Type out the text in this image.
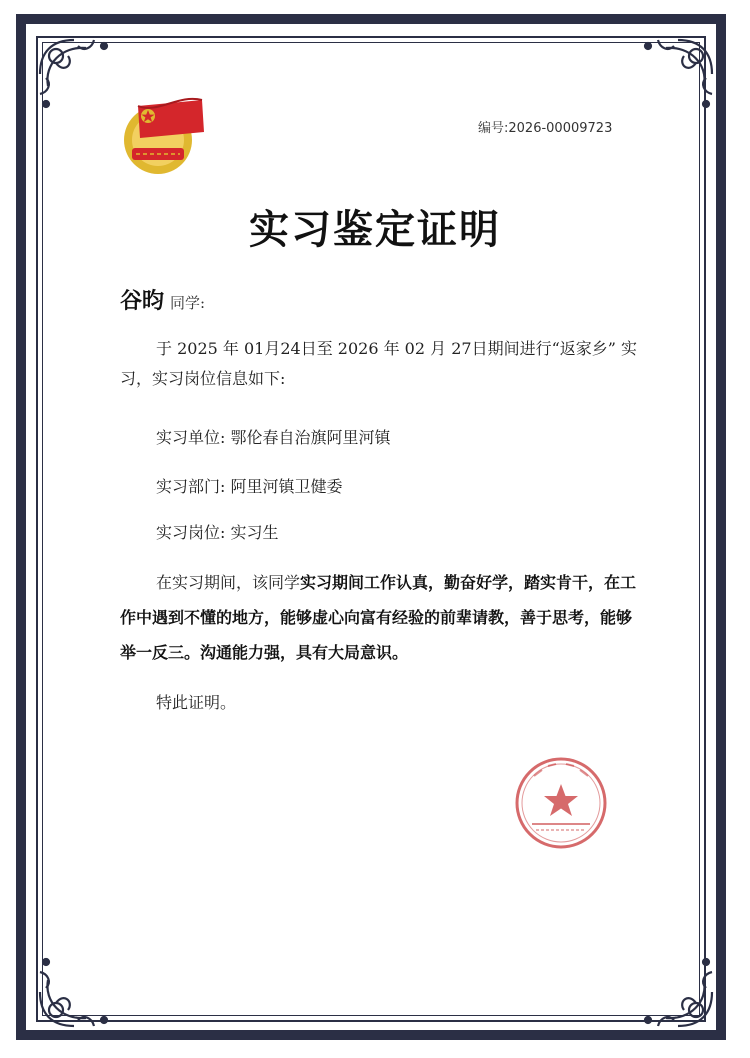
编号:2026-00009723
实习鉴定证明
谷昀 同学:
于 2025 年 01月24日至 2026 年 02 月 27日期间进行“返家乡” 实习，实习岗位信息如下:
实习单位: 鄂伦春自治旗阿里河镇
实习部门: 阿里河镇卫健委
实习岗位: 实习生
在实习期间，该同学实习期间工作认真，勤奋好学，踏实肯干，在工作中遇到不懂的地方，能够虚心向富有经验的前辈请教，善于思考，能够举一反三。沟通能力强，具有大局意识。
特此证明。
